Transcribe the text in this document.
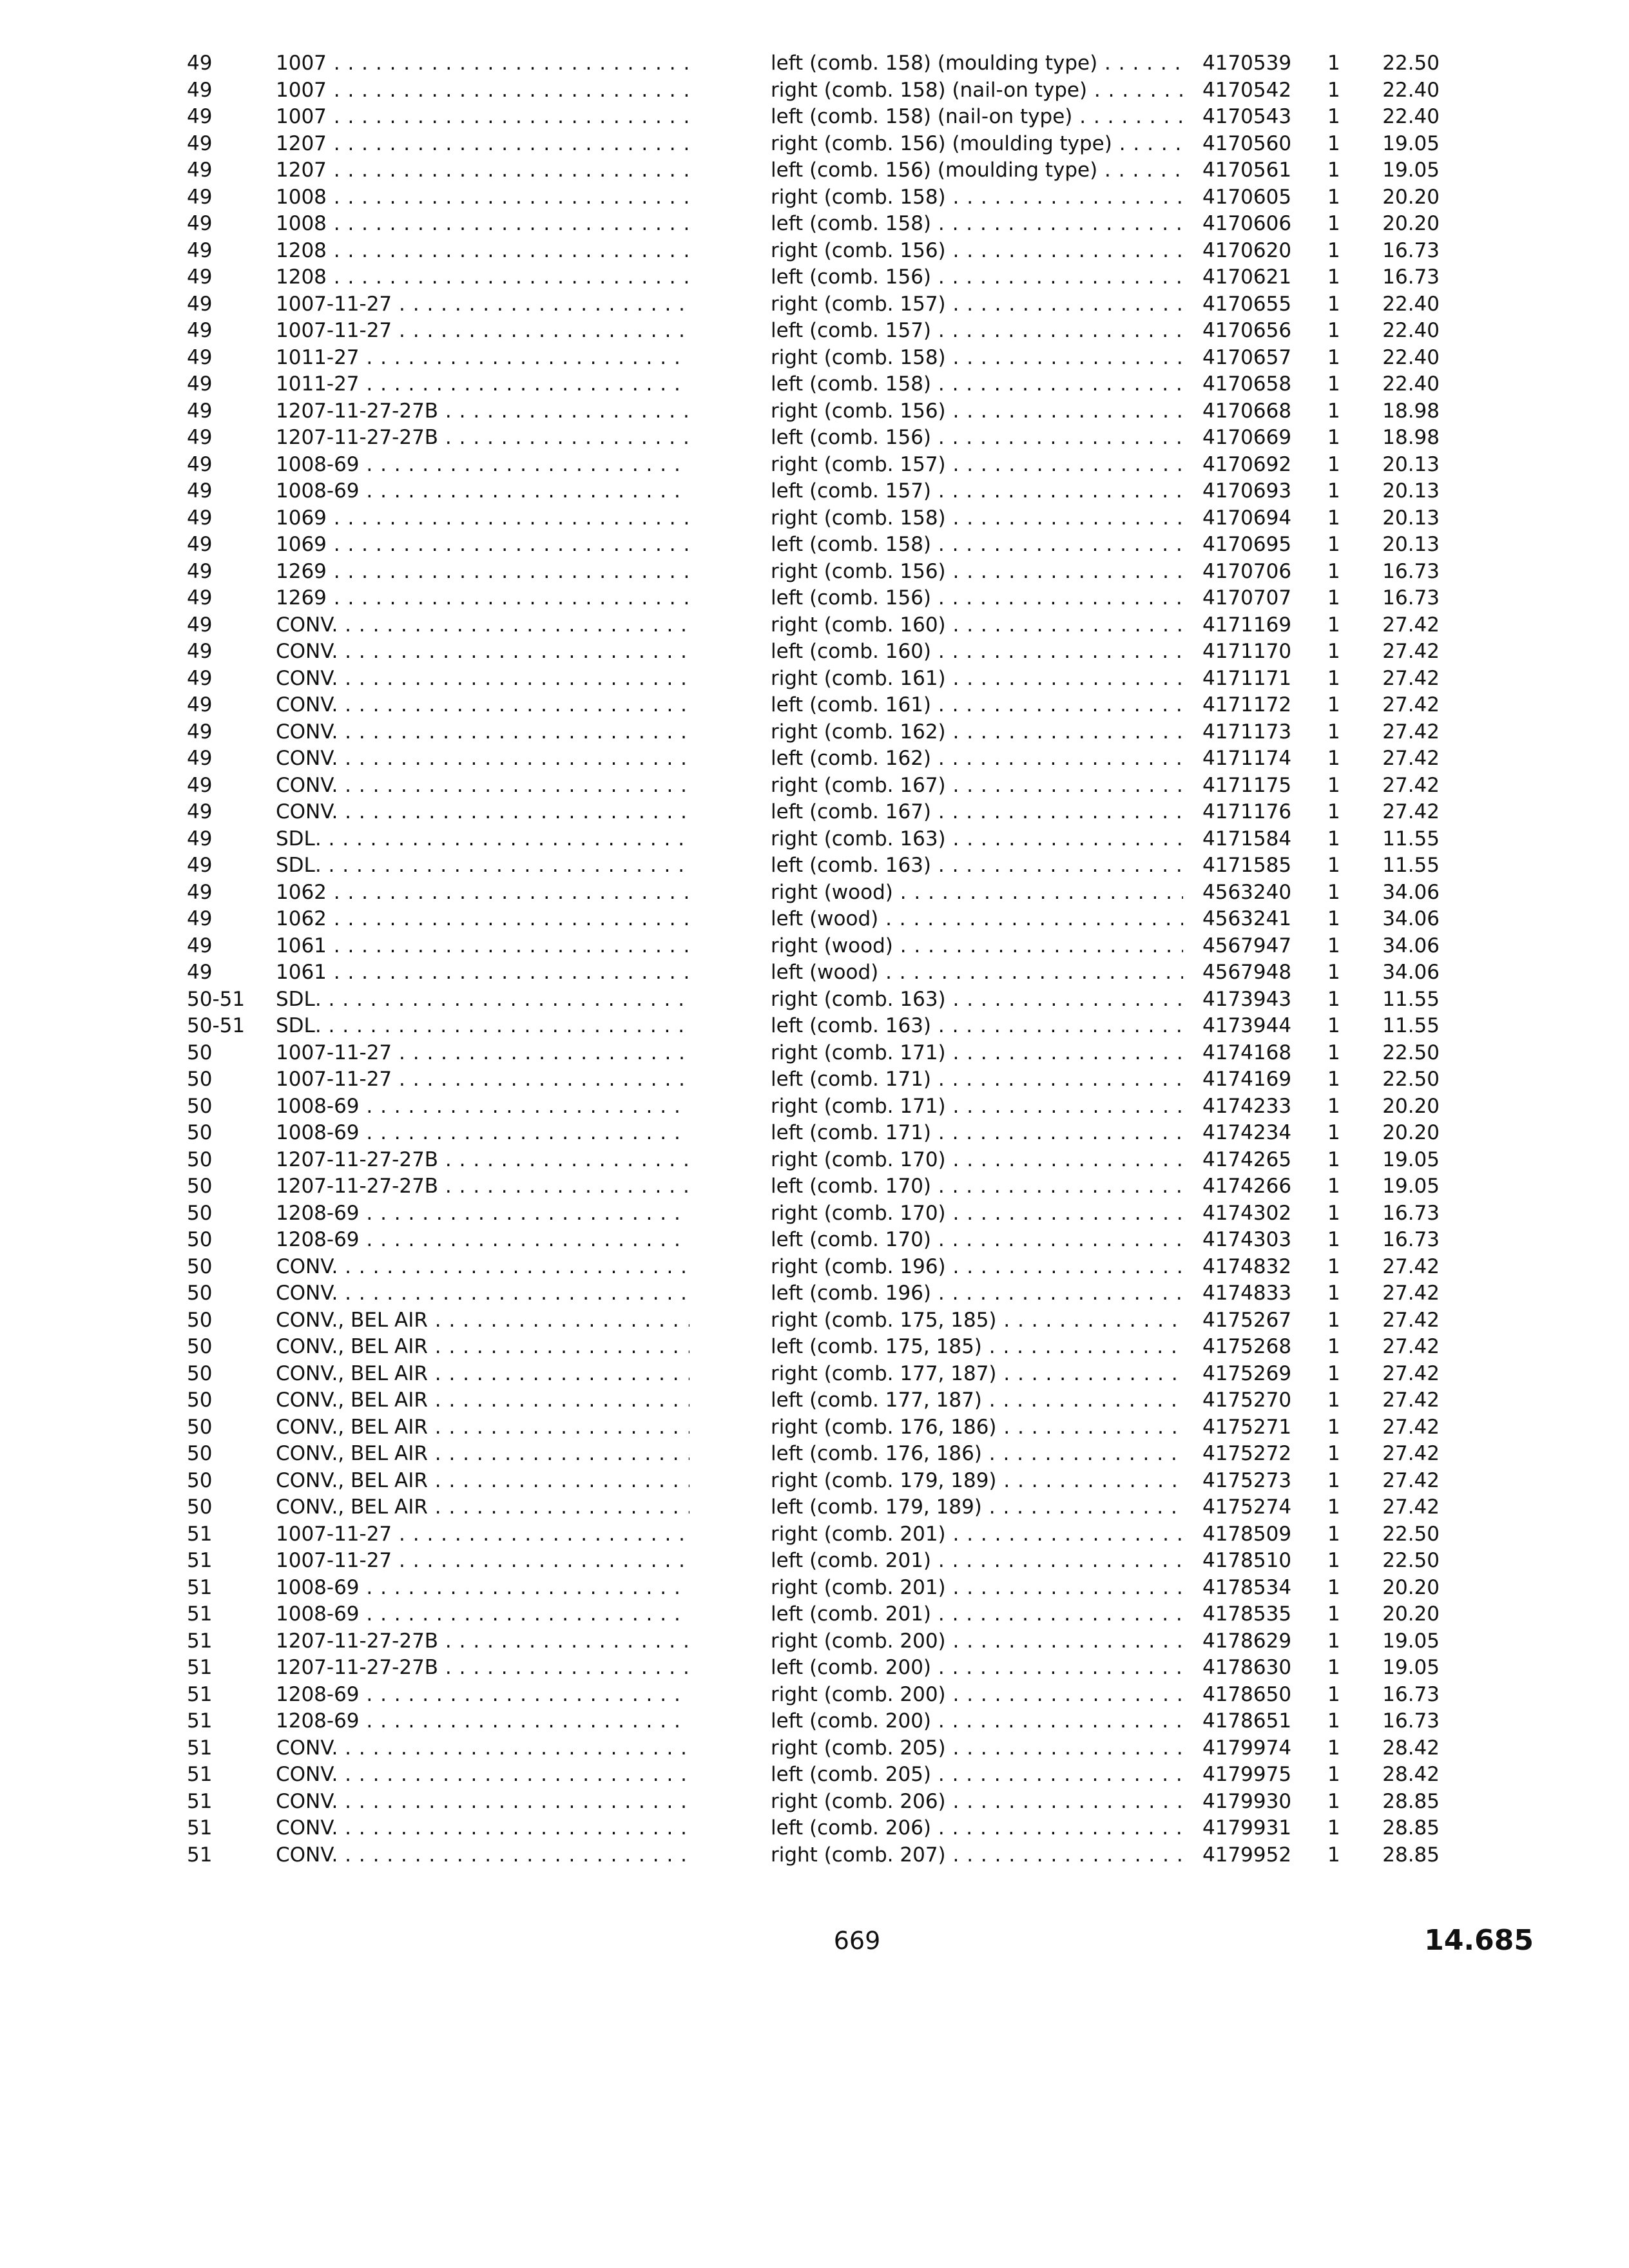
49	1007 . . .	left (comb. 158) (moulding type) . . .	4170539	1	22.50
49	1007 . . .	right (comb. 158) (nail-on type) . . .	4170542	1	22.40
49	1007 . . .	left (comb. 158) (nail-on type) . . .	4170543	1	22.40
49	1207 . . .	right (comb. 156) (moulding type) . . .	4170560	1	19.05
49	1207 . . .	left (comb. 156) (moulding type) . . .	4170561	1	19.05
49	1008 . . .	right (comb. 158) . . .	4170605	1	20.20
49	1008 . . .	left (comb. 158) . . .	4170606	1	20.20
49	1208 . . .	right (comb. 156) . . .	4170620	1	16.73
49	1208 . . .	left (comb. 156) . . .	4170621	1	16.73
49	1007-11-27 . . .	right (comb. 157) . . .	4170655	1	22.40
49	1007-11-27 . . .	left (comb. 157) . . .	4170656	1	22.40
49	1011-27 . . .	right (comb. 158) . . .	4170657	1	22.40
49	1011-27 . . .	left (comb. 158) . . .	4170658	1	22.40
49	1207-11-27-27B . . .	right (comb. 156) . . .	4170668	1	18.98
49	1207-11-27-27B . . .	left (comb. 156) . . .	4170669	1	18.98
49	1008-69 . . .	right (comb. 157) . . .	4170692	1	20.13
49	1008-69 . . .	left (comb. 157) . . .	4170693	1	20.13
49	1069 . . .	right (comb. 158) . . .	4170694	1	20.13
49	1069 . . .	left (comb. 158) . . .	4170695	1	20.13
49	1269 . . .	right (comb. 156) . . .	4170706	1	16.73
49	1269 . . .	left (comb. 156) . . .	4170707	1	16.73
49	CONV. . . .	right (comb. 160) . . .	4171169	1	27.42
49	CONV. . . .	left (comb. 160) . . .	4171170	1	27.42
49	CONV. . . .	right (comb. 161) . . .	4171171	1	27.42
49	CONV. . . .	left (comb. 161) . . .	4171172	1	27.42
49	CONV. . . .	right (comb. 162) . . .	4171173	1	27.42
49	CONV. . . .	left (comb. 162) . . .	4171174	1	27.42
49	CONV. . . .	right (comb. 167) . . .	4171175	1	27.42
49	CONV. . . .	left (comb. 167) . . .	4171176	1	27.42
49	SDL. . . .	right (comb. 163) . . .	4171584	1	11.55
49	SDL. . . .	left (comb. 163) . . .	4171585	1	11.55
49	1062 . . .	right (wood) . . .	4563240	1	34.06
49	1062 . . .	left (wood) . . .	4563241	1	34.06
49	1061 . . .	right (wood) . . .	4567947	1	34.06
49	1061 . . .	left (wood) . . .	4567948	1	34.06
50-51	SDL. . . .	right (comb. 163) . . .	4173943	1	11.55
50-51	SDL. . . .	left (comb. 163) . . .	4173944	1	11.55
50	1007-11-27 . . .	right (comb. 171) . . .	4174168	1	22.50
50	1007-11-27 . . .	left (comb. 171) . . .	4174169	1	22.50
50	1008-69 . . .	right (comb. 171) . . .	4174233	1	20.20
50	1008-69 . . .	left (comb. 171) . . .	4174234	1	20.20
50	1207-11-27-27B . . .	right (comb. 170) . . .	4174265	1	19.05
50	1207-11-27-27B . . .	left (comb. 170) . . .	4174266	1	19.05
50	1208-69 . . .	right (comb. 170) . . .	4174302	1	16.73
50	1208-69 . . .	left (comb. 170) . . .	4174303	1	16.73
50	CONV. . . .	right (comb. 196) . . .	4174832	1	27.42
50	CONV. . . .	left (comb. 196) . . .	4174833	1	27.42
50	CONV., BEL AIR . . .	right (comb. 175, 185) . . .	4175267	1	27.42
50	CONV., BEL AIR . . .	left (comb. 175, 185) . . .	4175268	1	27.42
50	CONV., BEL AIR . . .	right (comb. 177, 187) . . .	4175269	1	27.42
50	CONV., BEL AIR . . .	left (comb. 177, 187) . . .	4175270	1	27.42
50	CONV., BEL AIR . . .	right (comb. 176, 186) . . .	4175271	1	27.42
50	CONV., BEL AIR . . .	left (comb. 176, 186) . . .	4175272	1	27.42
50	CONV., BEL AIR . . .	right (comb. 179, 189) . . .	4175273	1	27.42
50	CONV., BEL AIR . . .	left (comb. 179, 189) . . .	4175274	1	27.42
51	1007-11-27 . . .	right (comb. 201) . . .	4178509	1	22.50
51	1007-11-27 . . .	left (comb. 201) . . .	4178510	1	22.50
51	1008-69 . . .	right (comb. 201) . . .	4178534	1	20.20
51	1008-69 . . .	left (comb. 201) . . .	4178535	1	20.20
51	1207-11-27-27B . . .	right (comb. 200) . . .	4178629	1	19.05
51	1207-11-27-27B . . .	left (comb. 200) . . .	4178630	1	19.05
51	1208-69 . . .	right (comb. 200) . . .	4178650	1	16.73
51	1208-69 . . .	left (comb. 200) . . .	4178651	1	16.73
51	CONV. . . .	right (comb. 205) . . .	4179974	1	28.42
51	CONV. . . .	left (comb. 205) . . .	4179975	1	28.42
51	CONV. . . .	right (comb. 206) . . .	4179930	1	28.85
51	CONV. . . .	left (comb. 206) . . .	4179931	1	28.85
51	CONV. . . .	right (comb. 207) . . .	4179952	1	28.85
669	14.685
